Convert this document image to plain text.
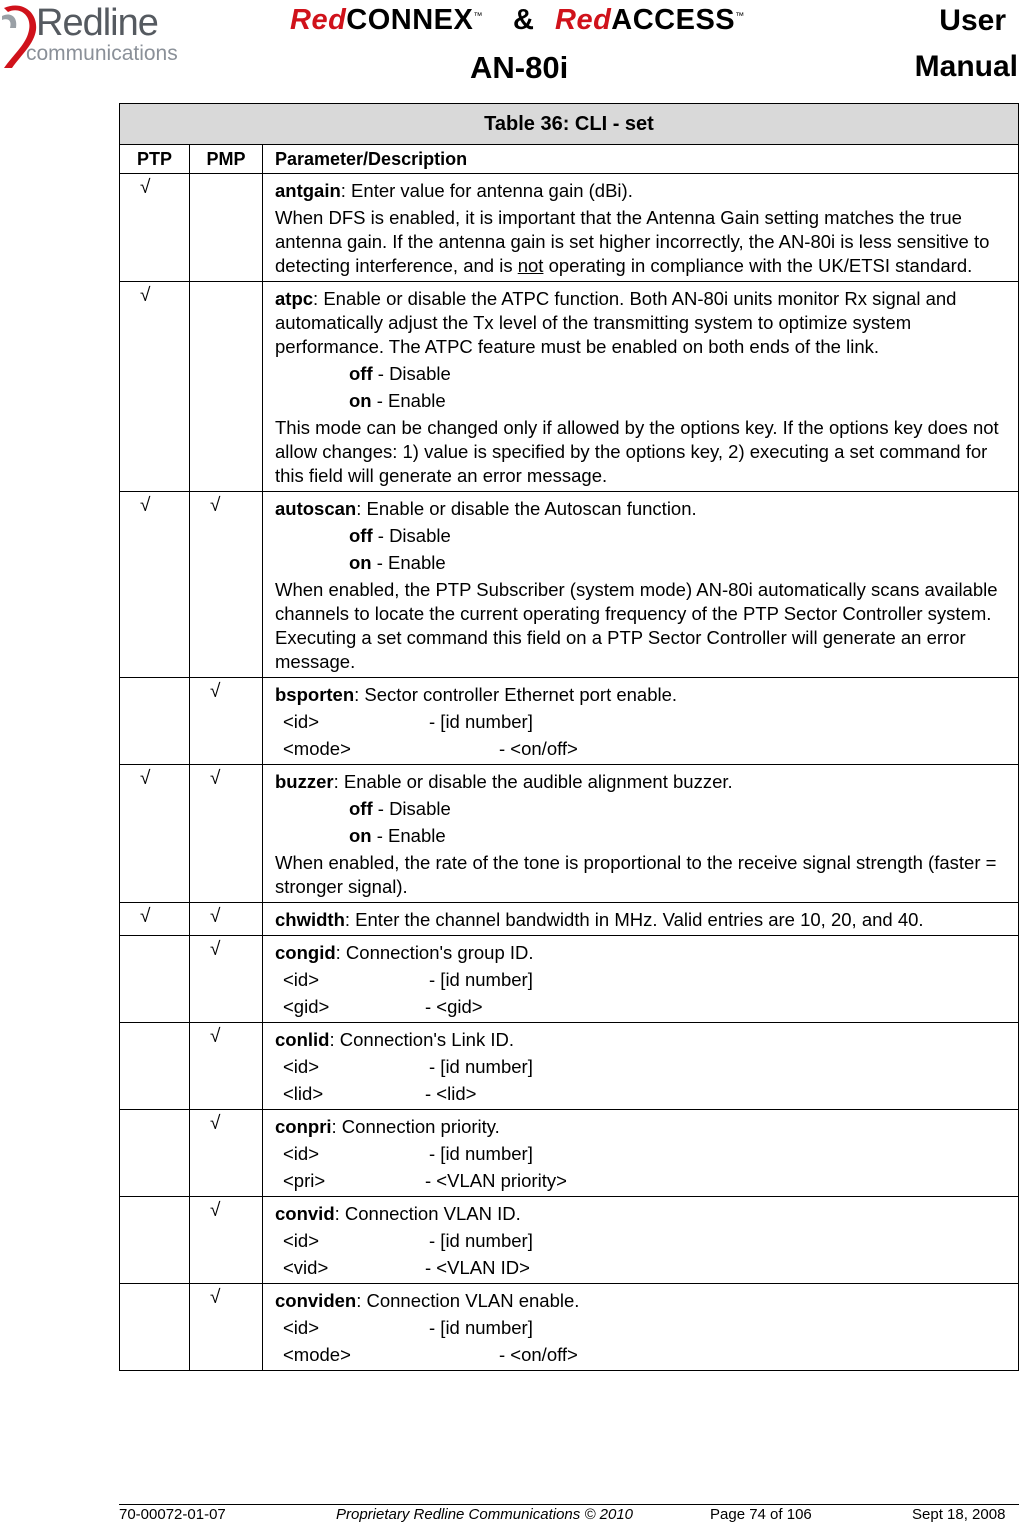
Redline
communications
RedCONNEX™ & RedACCESS™	User
AN-80i	Manual
Table 36: CLI - set		
PTP	PMP	Parameter/Description
√		antgain: Enter value for antenna gain (dBi).

When DFS is enabled, it is important that the Antenna Gain setting matches the true antenna gain. If the antenna gain is set higher incorrectly, the AN-80i is less sensitive to detecting interference, and is not operating in compliance with the UK/ETSI standard.

√		atpc: Enable or disable the ATPC function. Both AN-80i units monitor Rx signal and automatically adjust the Tx level of the transmitting system to optimize system performance. The ATPC feature must be enabled on both ends of the link.

off - Disable

on - Enable

This mode can be changed only if allowed by the options key. If the options key does not allow changes: 1) value is specified by the options key, 2) executing a set command for this field will generate an error message.

√	√	autoscan: Enable or disable the Autoscan function.

off - Disable

on - Enable

When enabled, the PTP Subscriber (system mode) AN-80i automatically scans available channels to locate the current operating frequency of the PTP Sector Controller system. Executing a set command this field on a PTP Sector Controller will generate an error message.

	√	bsporten: Sector controller Ethernet port enable.

<id> - [id number]

<mode> - <on/off>

√	√	buzzer: Enable or disable the audible alignment buzzer.

off - Disable

on - Enable

When enabled, the rate of the tone is proportional to the receive signal strength (faster = stronger signal).

√	√	chwidth: Enter the channel bandwidth in MHz. Valid entries are 10, 20, and 40.

	√	congid: Connection's group ID.

<id> - [id number]

<gid> - <gid>

	√	conlid: Connection's Link ID.

<id> - [id number]

<lid> - <lid>

	√	conpri: Connection priority.

<id> - [id number]

<pri> - <VLAN priority>

	√	convid: Connection VLAN ID.

<id> - [id number]

<vid> - <VLAN ID>

	√	conviden: Connection VLAN enable.

<id> - [id number]

<mode> - <on/off>

70-00072-01-07	Proprietary Redline Communications © 2010	Page 74 of 106	Sept 18, 2008
